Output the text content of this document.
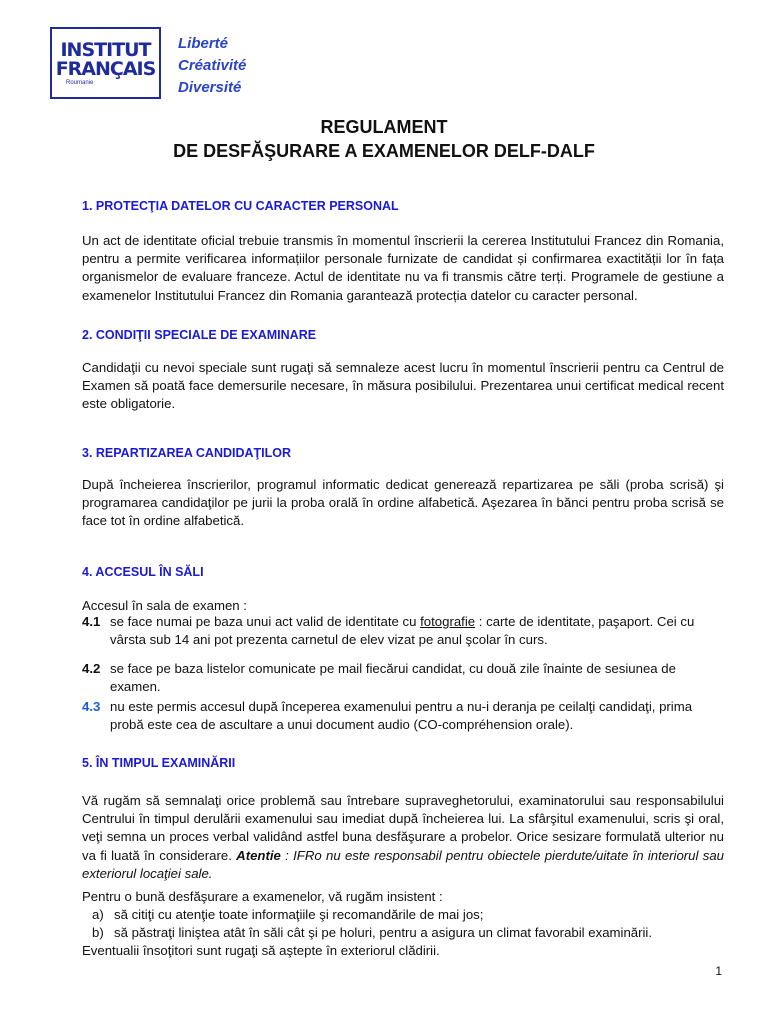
INSTITUT
FRANÇAIS
Roumanie
Liberté
Créativité
Diversité
REGULAMENT
DE DESFĂŞURARE A EXAMENELOR DELF-DALF
1. PROTECŢIA DATELOR CU CARACTER PERSONAL

Un act de identitate oficial trebuie transmis în momentul înscrierii la cererea Institutului Francez din Romania, pentru a permite verificarea informațiilor personale furnizate de candidat și confirmarea exactității lor în fața organismelor de evaluare franceze. Actul de identitate nu va fi transmis către terți. Programele de gestiune a examenelor Institutului Francez din Romania garantează protecția datelor cu caracter personal.

2. CONDIŢII SPECIALE DE EXAMINARE

Candidaţii cu nevoi speciale sunt rugaţi să semnaleze acest lucru în momentul înscrierii pentru ca Centrul de Examen să poată face demersurile necesare, în măsura posibilului. Prezentarea unui certificat medical recent este obligatorie.

3. REPARTIZAREA CANDIDAŢILOR

După încheierea înscrierilor, programul informatic dedicat generează repartizarea pe săli (proba scrisă) şi programarea candidaţilor pe jurii la proba orală în ordine alfabetică. Aşezarea în bănci pentru proba scrisă se face tot în ordine alfabetică.

4. ACCESUL ÎN SĂLI
Accesul în sala de examen :
4.1 se face numai pe baza unui act valid de identitate cu fotografie : carte de identitate, paşaport. Cei cu vârsta sub 14 ani pot prezenta carnetul de elev vizat pe anul şcolar în curs.
4.2 se face pe baza listelor comunicate pe mail fiecărui candidat, cu două zile înainte de sesiunea de examen.
4.3 nu este permis accesul după începerea examenului pentru a nu-i deranja pe ceilalţi candidaţi, prima probă este cea de ascultare a unui document audio (CO-compréhension orale).
5. ÎN TIMPUL EXAMINĂRII

Vă rugăm să semnalaţi orice problemă sau întrebare supraveghetorului, examinatorului sau responsabilului Centrului în timpul derulării examenului sau imediat după încheierea lui. La sfârşitul examenului, scris şi oral, veţi semna un proces verbal validând astfel buna desfăşurare a probelor. Orice sesizare formulată ulterior nu va fi luată în considerare. Atentie : IFRo nu este responsabil pentru obiectele pierdute/uitate în interiorul sau exteriorul locaţiei sale.

Pentru o bună desfăşurare a examenelor, vă rugăm insistent :
a) să citiţi cu atenţie toate informaţiile şi recomandările de mai jos;
b) să păstraţi liniştea atât în săli cât şi pe holuri, pentru a asigura un climat favorabil examinării.
Eventualii însoţitori sunt rugaţi să aştepte în exteriorul clădirii.
1
